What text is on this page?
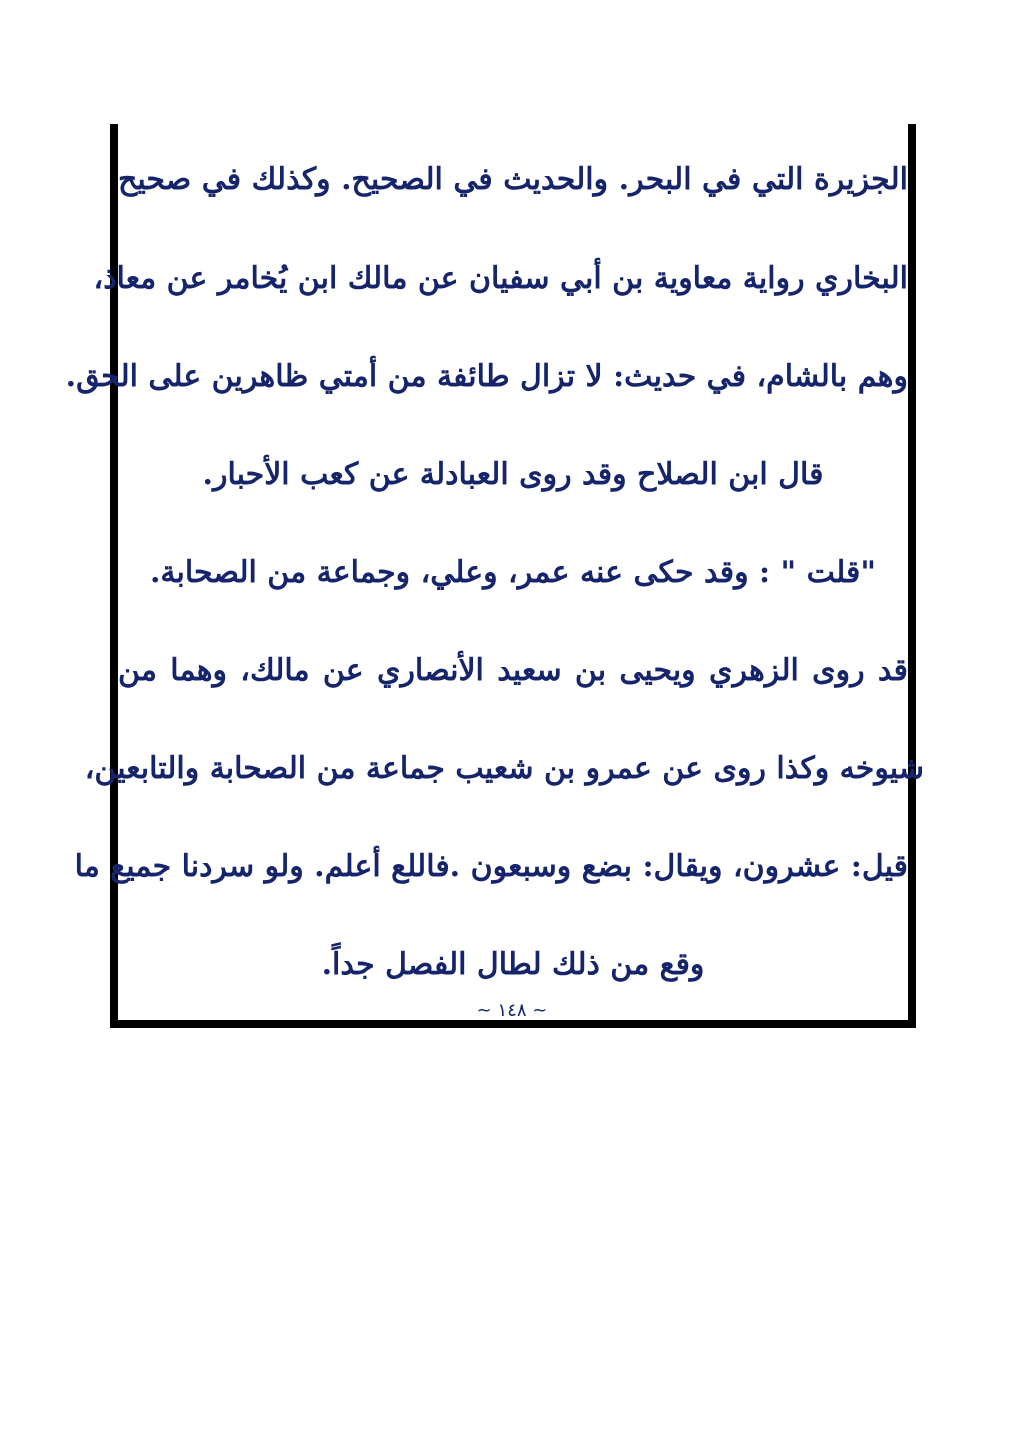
الجزيرة التي في البحر. والحديث في الصحيح. وكذلك في صحيح
البخاري رواية معاوية بن أبي سفيان عن مالك ابن يُخامر عن معاذ،
وهم بالشام، في حديث: لا تزال طائفة من أمتي ظاهرين على الحق.
قال ابن الصلاح وقد روى العبادلة عن كعب الأحبار.
"قلت " : وقد حكى عنه عمر، وعلي، وجماعة من الصحابة.
قد روى الزهري ويحيى بن سعيد الأنصاري عن مالك، وهما من
شيوخه وكذا روى عن عمرو بن شعيب جماعة من الصحابة والتابعين،
قيل: عشرون، ويقال: بضع وسبعون .فاللع أعلم. ولو سردنا جميع ما
وقع من ذلك لطال الفصل جداً.
~ ١٤٨ ~
